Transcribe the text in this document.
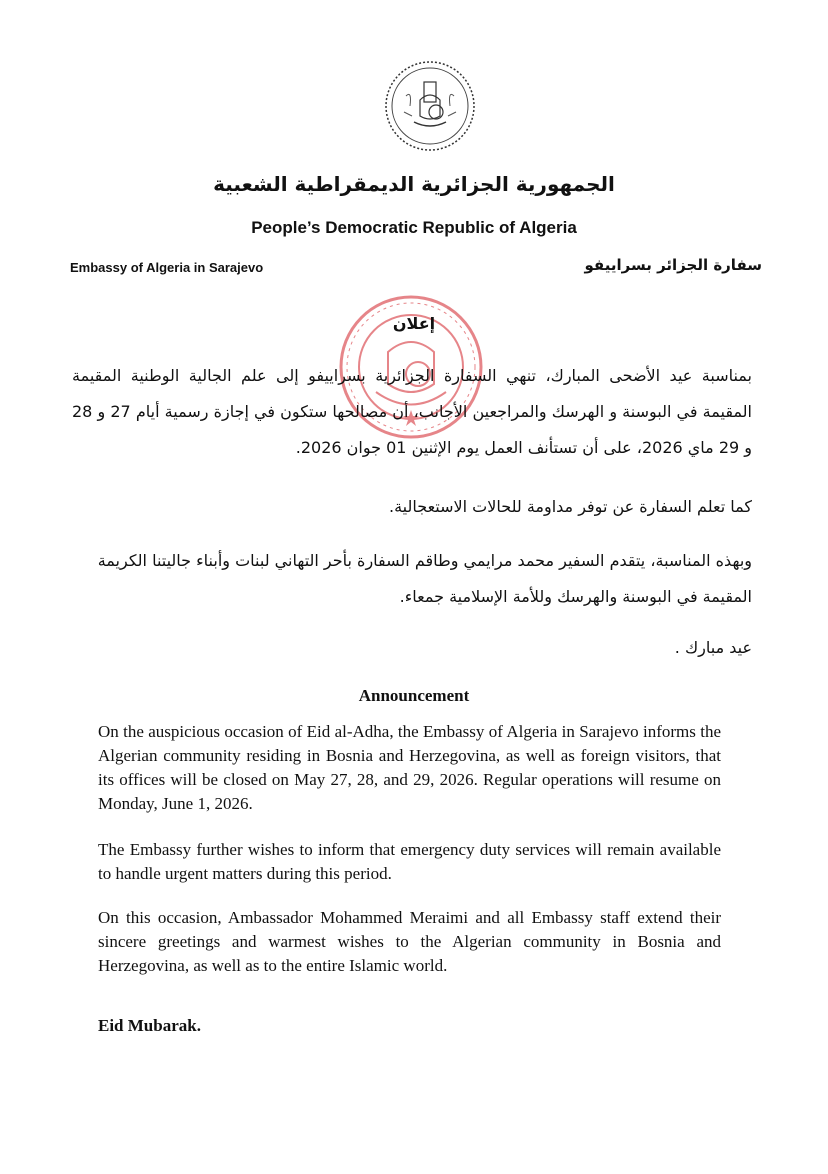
الجمهورية الجزائرية الديمقراطية الشعبية
People’s Democratic Republic of Algeria
Embassy of Algeria in Sarajevo	سفارة الجزائر بسراييفو
إعلان

بمناسبة عيد الأضحى المبارك، تنهي السفارة الجزائرية بسراييفو إلى علم الجالية الوطنية المقيمة المقيمة في البوسنة و الهرسك والمراجعين الأجانب، أن مصالحها ستكون في إجازة رسمية أيام 27 و 28 و 29 ماي 2026، على أن تستأنف العمل يوم الإثنين 01 جوان 2026.

كما تعلم السفارة عن توفر مداومة للحالات الاستعجالية.

وبهذه المناسبة، يتقدم السفير محمد مرايمي وطاقم السفارة بأحر التهاني لبنات وأبناء جاليتنا الكريمة المقيمة في البوسنة والهرسك وللأمة الإسلامية جمعاء.

عيد مبارك .

Announcement

On the auspicious occasion of Eid al-Adha, the Embassy of Algeria in Sarajevo informs the Algerian community residing in Bosnia and Herzegovina, as well as foreign visitors, that its offices will be closed on May 27, 28, and 29, 2026. Regular operations will resume on Monday, June 1, 2026.

The Embassy further wishes to inform that emergency duty services will remain available to handle urgent matters during this period.

On this occasion, Ambassador Mohammed Meraimi and all Embassy staff extend their sincere greetings and warmest wishes to the Algerian community in Bosnia and Herzegovina, as well as to the entire Islamic world.

Eid Mubarak.
